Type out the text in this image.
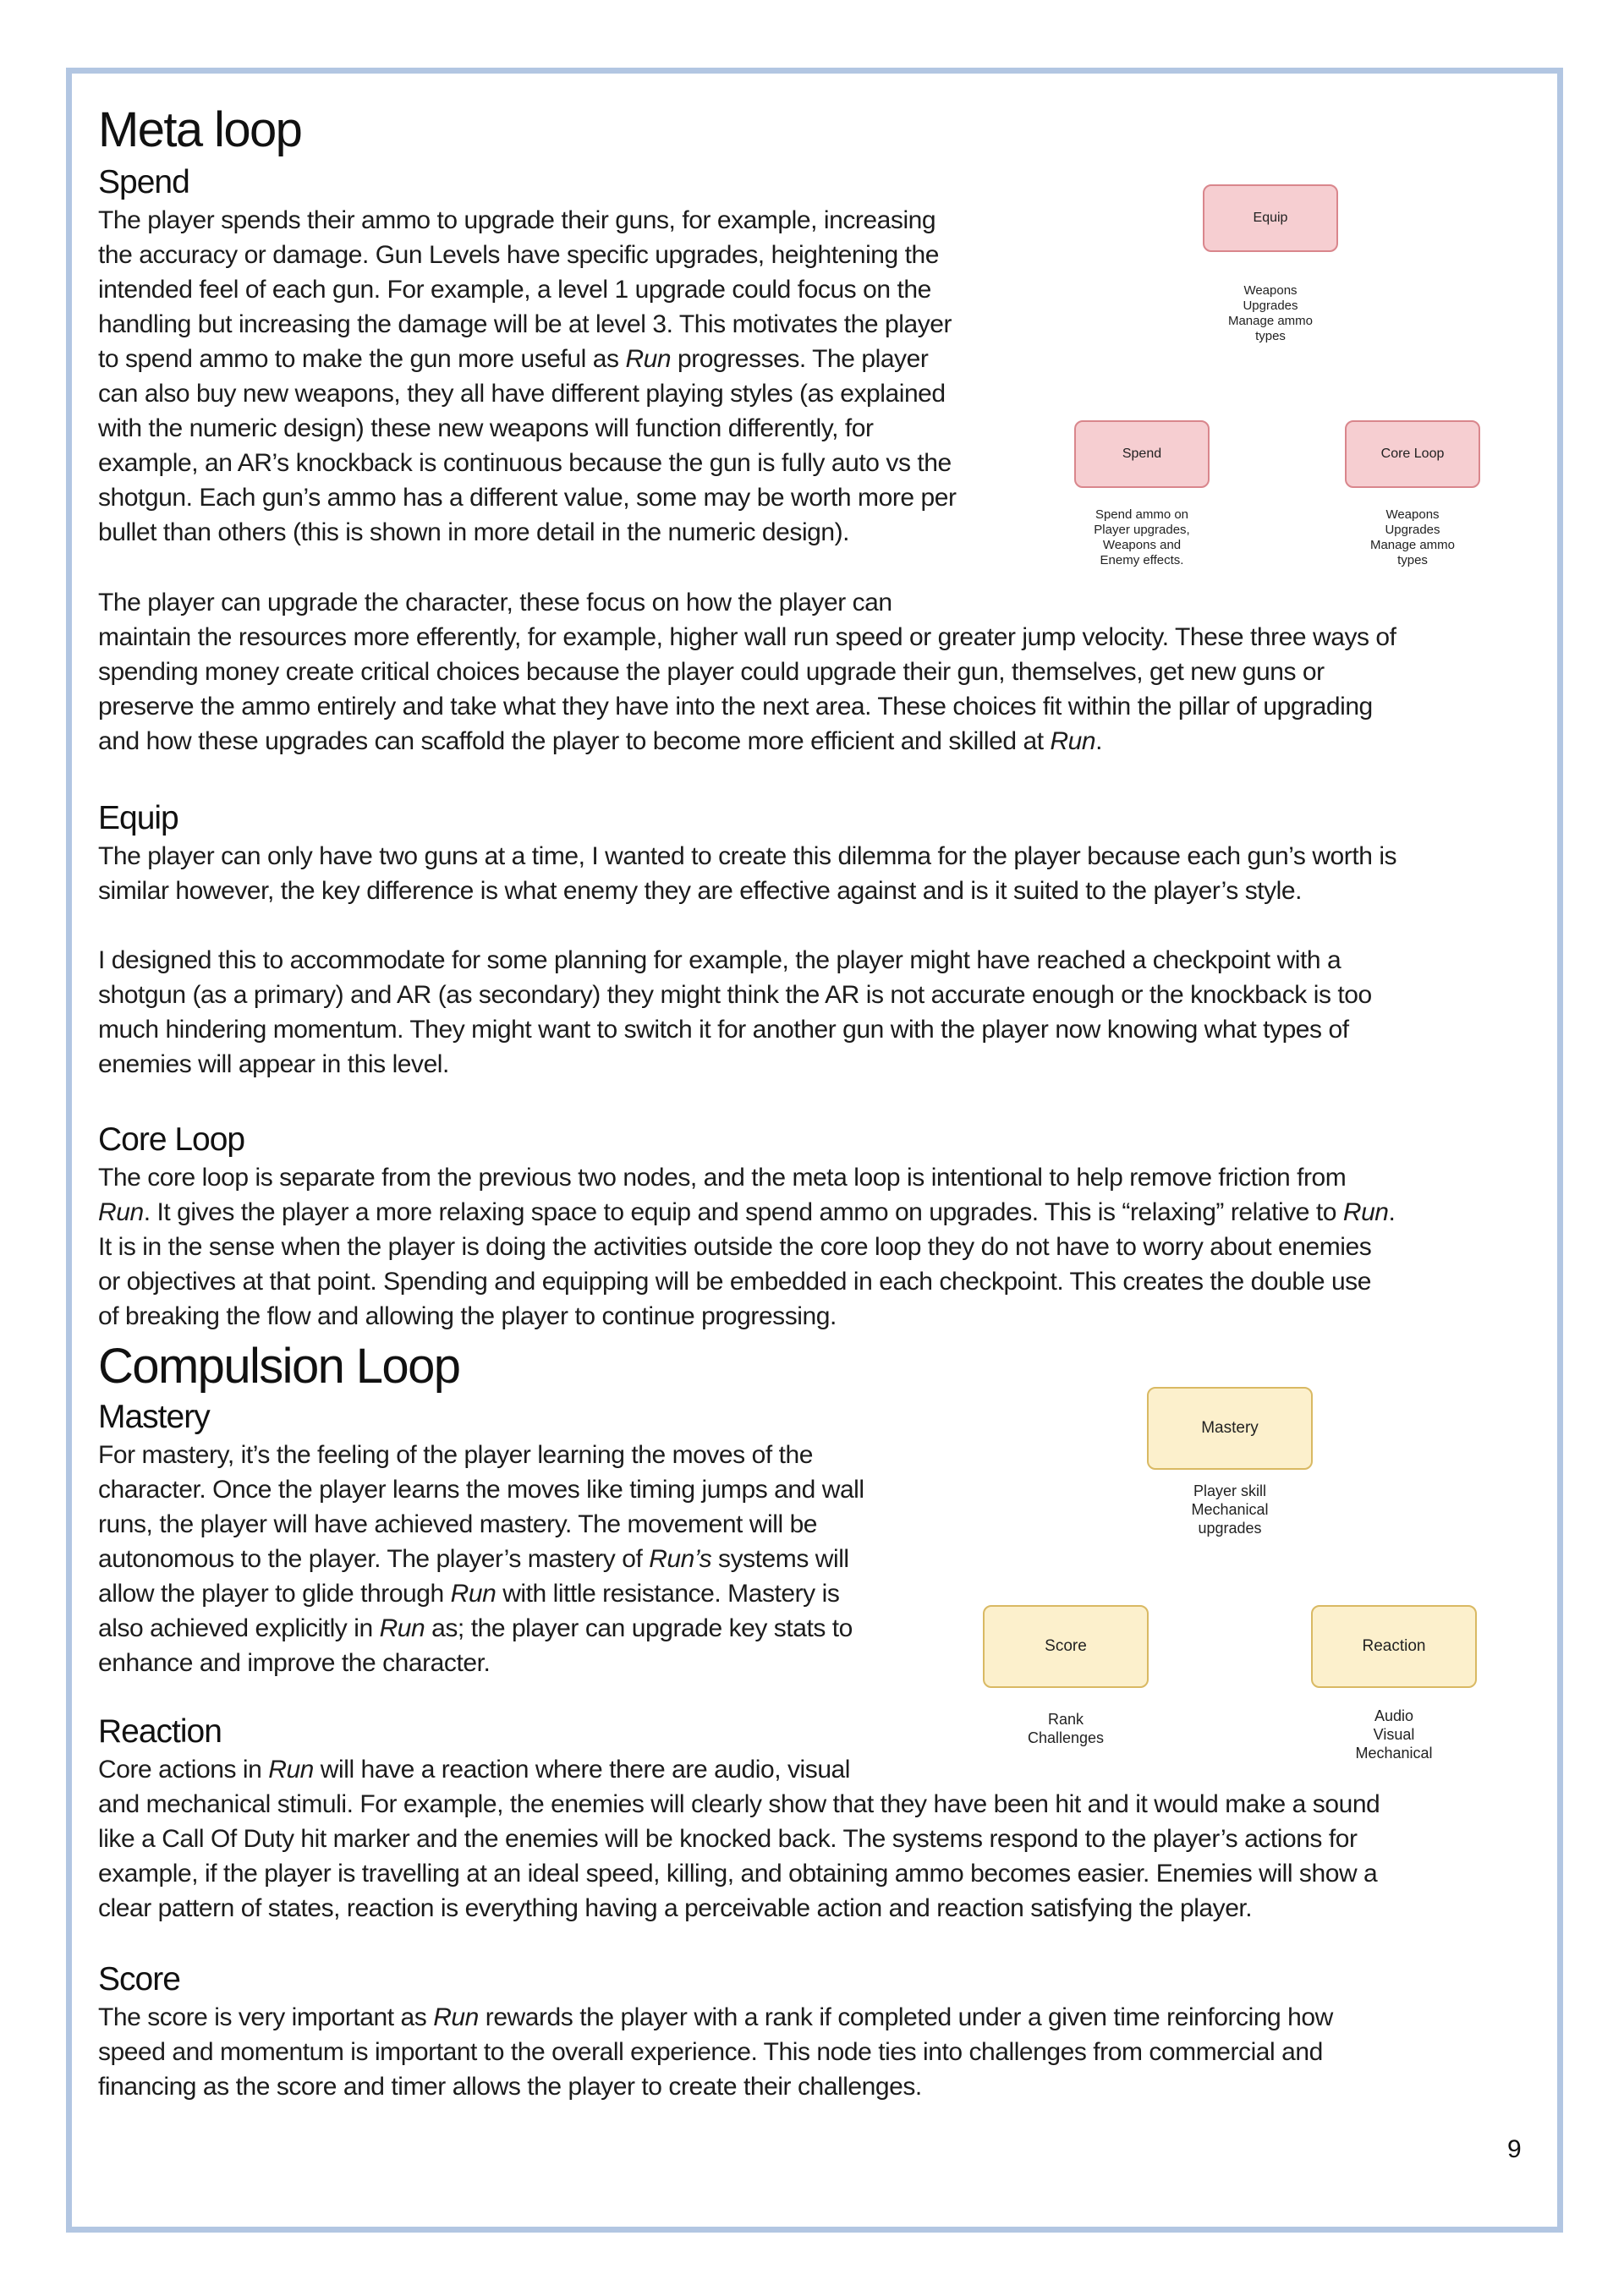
Meta loop
Spend
The player spends their ammo to upgrade their guns, for example, increasing
the accuracy or damage. Gun Levels have specific upgrades, heightening the
intended feel of each gun. For example, a level 1 upgrade could focus on the
handling but increasing the damage will be at level 3. This motivates the player
to spend ammo to make the gun more useful as Run progresses. The player
can also buy new weapons, they all have different playing styles (as explained
with the numeric design) these new weapons will function differently, for
example, an AR’s knockback is continuous because the gun is fully auto vs the
shotgun. Each gun’s ammo has a different value, some may be worth more per
bullet than others (this is shown in more detail in the numeric design).
The player can upgrade the character, these focus on how the player can
maintain the resources more efferently, for example, higher wall run speed or greater jump velocity. These three ways of
spending money create critical choices because the player could upgrade their gun, themselves, get new guns or
preserve the ammo entirely and take what they have into the next area. These choices fit within the pillar of upgrading
and how these upgrades can scaffold the player to become more efficient and skilled at Run.
Equip
Weapons
Upgrades
Manage ammo
types
Spend
Spend ammo on
Player upgrades,
Weapons and
Enemy effects.
Core Loop
Weapons
Upgrades
Manage ammo
types
Equip
The player can only have two guns at a time, I wanted to create this dilemma for the player because each gun’s worth is
similar however, the key difference is what enemy they are effective against and is it suited to the player’s style.
I designed this to accommodate for some planning for example, the player might have reached a checkpoint with a
shotgun (as a primary) and AR (as secondary) they might think the AR is not accurate enough or the knockback is too
much hindering momentum. They might want to switch it for another gun with the player now knowing what types of
enemies will appear in this level.
Core Loop
The core loop is separate from the previous two nodes, and the meta loop is intentional to help remove friction from
Run. It gives the player a more relaxing space to equip and spend ammo on upgrades. This is “relaxing” relative to Run.
It is in the sense when the player is doing the activities outside the core loop they do not have to worry about enemies
or objectives at that point. Spending and equipping will be embedded in each checkpoint. This creates the double use
of breaking the flow and allowing the player to continue progressing.
Compulsion Loop
Mastery
For mastery, it’s the feeling of the player learning the moves of the
character. Once the player learns the moves like timing jumps and wall
runs, the player will have achieved mastery. The movement will be
autonomous to the player. The player’s mastery of Run’s systems will
allow the player to glide through Run with little resistance. Mastery is
also achieved explicitly in Run as; the player can upgrade key stats to
enhance and improve the character.
Mastery
Player skill
Mechanical
upgrades
Score
Rank
Challenges
Reaction
Audio
Visual
Mechanical
Reaction
Core actions in Run will have a reaction where there are audio, visual
and mechanical stimuli. For example, the enemies will clearly show that they have been hit and it would make a sound
like a Call Of Duty hit marker and the enemies will be knocked back. The systems respond to the player’s actions for
example, if the player is travelling at an ideal speed, killing, and obtaining ammo becomes easier. Enemies will show a
clear pattern of states, reaction is everything having a perceivable action and reaction satisfying the player.
Score
The score is very important as Run rewards the player with a rank if completed under a given time reinforcing how
speed and momentum is important to the overall experience. This node ties into challenges from commercial and
financing as the score and timer allows the player to create their challenges.
9
